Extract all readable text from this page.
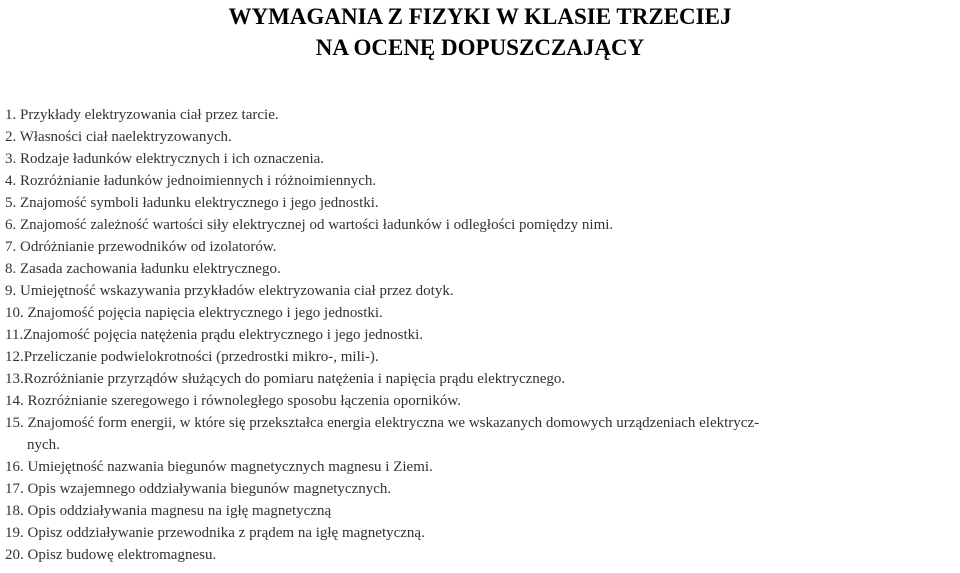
WYMAGANIA Z FIZYKI W KLASIE TRZECIEJ
NA OCENĘ DOPUSZCZAJĄCY
1. Przykłady elektryzowania ciał przez tarcie.
2. Własności ciał naelektryzowanych.
3. Rodzaje ładunków elektrycznych i ich oznaczenia.
4. Rozróżnianie ładunków jednoimiennych i różnoimiennych.
5. Znajomość symboli ładunku elektrycznego i jego jednostki.
6. Znajomość zależność wartości siły elektrycznej od wartości ładunków i odległości pomiędzy nimi.
7. Odróżnianie przewodników od izolatorów.
8. Zasada zachowania ładunku elektrycznego.
9. Umiejętność wskazywania przykładów elektryzowania ciał przez dotyk.
10. Znajomość pojęcia napięcia elektrycznego i jego jednostki.
11.Znajomość pojęcia natężenia prądu elektrycznego i jego jednostki.
12.Przeliczanie podwielokrotności (przedrostki mikro-, mili-).
13.Rozróżnianie przyrządów służących do pomiaru natężenia i napięcia prądu elektrycznego.
14. Rozróżnianie szeregowego i równoległego sposobu łączenia oporników.
15. Znajomość form energii, w które się przekształca energia elektryczna we wskazanych domowych urządzeniach elektrycz-
nych.
16. Umiejętność nazwania biegunów magnetycznych magnesu i Ziemi.
17. Opis wzajemnego oddziaływania biegunów magnetycznych.
18. Opis oddziaływania magnesu na igłę magnetyczną
19. Opisz oddziaływanie przewodnika z prądem na igłę magnetyczną.
20. Opisz budowę elektromagnesu.
